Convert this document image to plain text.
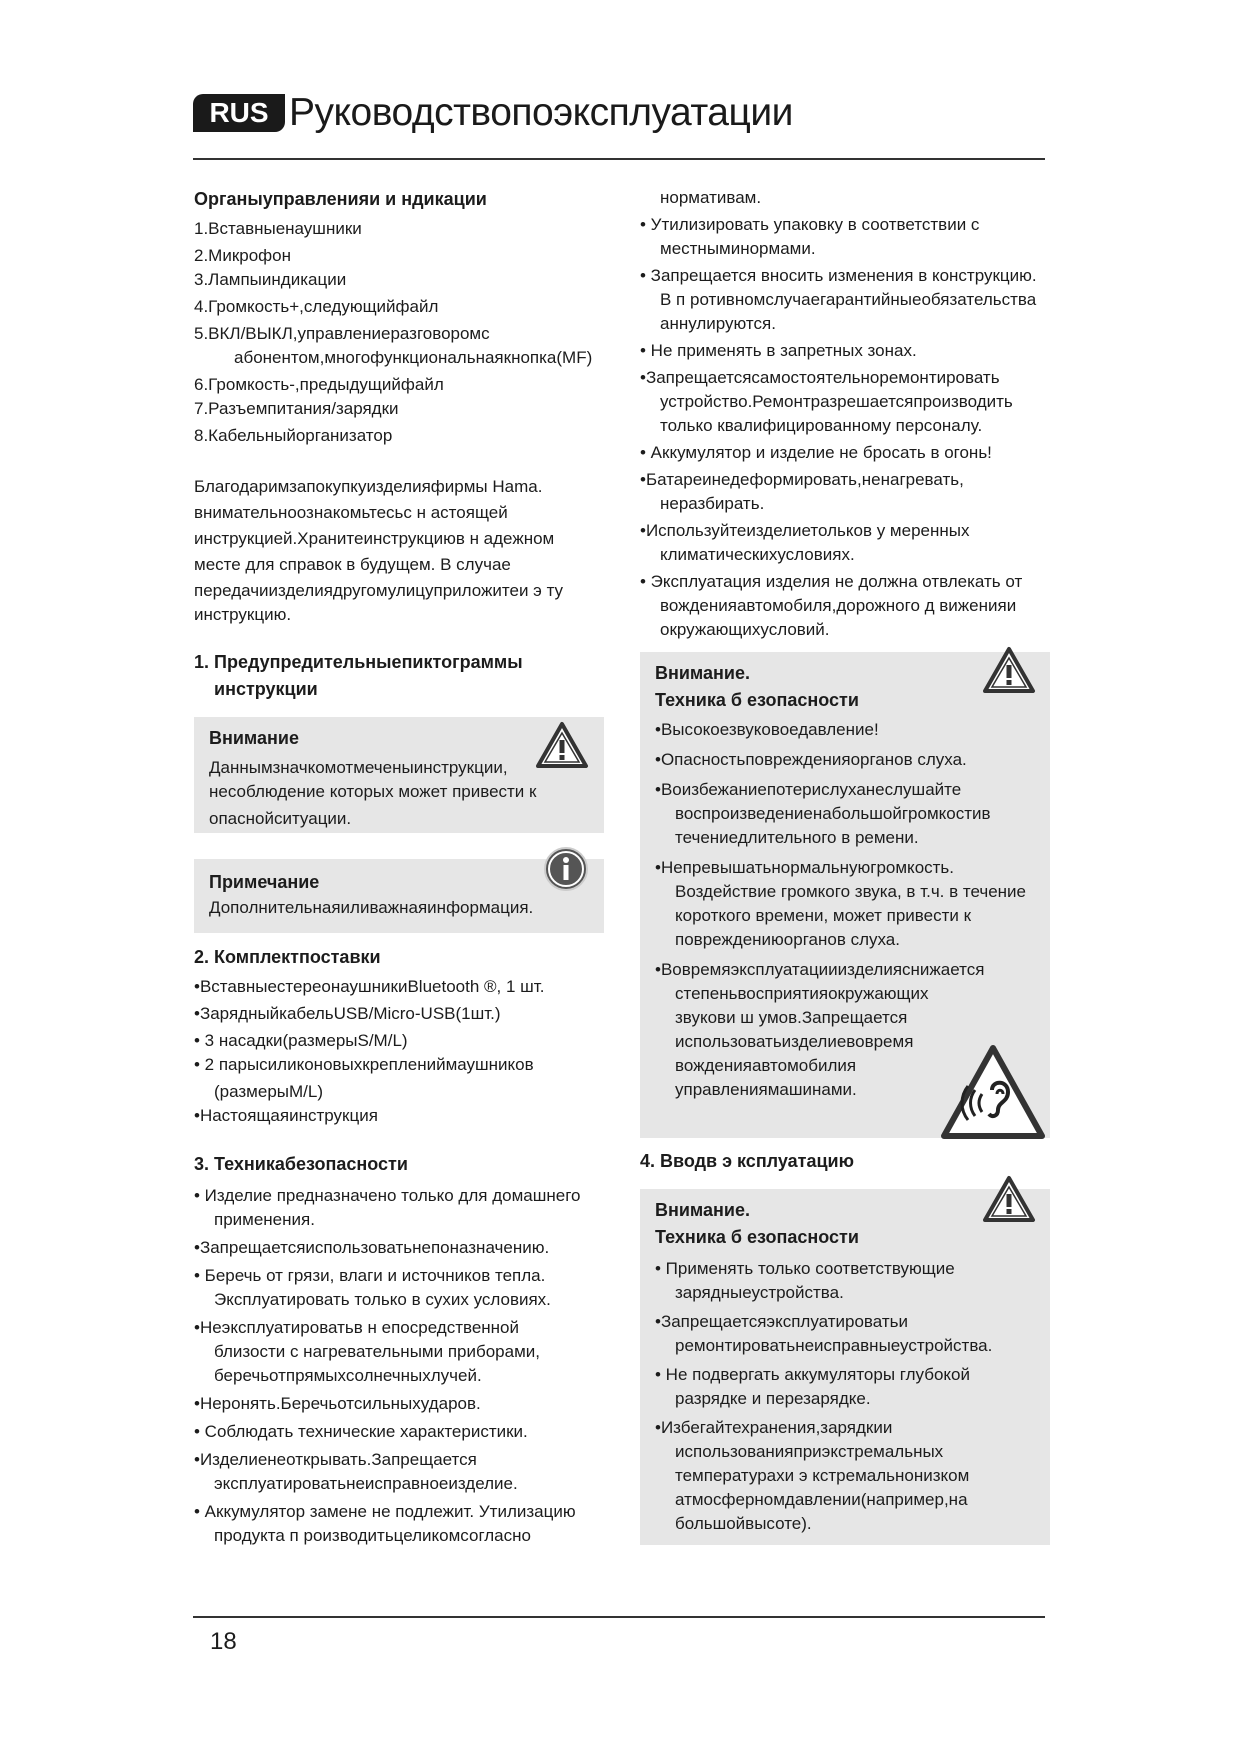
RUS Руководствопоэксплуатации
Органыуправленияи и ндикации
1.Вставныенаушники
2.Микрофон
3.Лампыиндикации
4.Громкость+,следующийфайл
5.ВКЛ/ВЫКЛ,управлениеразговоромс
абонентом,многофункциональнаякнопка(MF)
6.Громкость-,предыдущийфайл
7.Разъемпитания/зарядки
8.Кабельныйорганизатор
Благодаримзапокупкуизделияфирмы Hama.
внимательноознакомьтесьс н астоящей
инструкцией.Хранитеинструкциюв н адежном
месте для справок в будущем. В случае
передачиизделиядругомулицуприложитеи э ту
инструкцию.
1. Предупредительныепиктограммы
инструкции
Внимание
Даннымзначкомотмеченыинструкции,
несоблюдение которых может привести к
опаснойситуации.
Примечание
Дополнительнаяиливажнаяинформация.
2. Комплектпоставки
•ВставныестереонаушникиBluetooth ®, 1 шт.
•ЗарядныйкабельUSB/Micro-USB(1шт.)
• 3 насадки(размерыS/M/L)
• 2 парысиликоновыхкреплениймаушников
(размерыM/L)
•Настоящаяинструкция
3. Техникабезопасности
• Изделие предназначено только для домашнего
применения.
•Запрещаетсяиспользоватьнепоназначению.
• Беречь от грязи, влаги и источников тепла.
Эксплуатировать только в сухих условиях.
•Неэксплуатироватьв н епосредственной
близости с нагревательными приборами,
беречьотпрямыхсолнечныхлучей.
•Неронять.Беречьотсильныхударов.
• Соблюдать технические характеристики.
•Изделиенеоткрывать.Запрещается
эксплуатироватьнеисправноеизделие.
• Аккумулятор замене не подлежит. Утилизацию
продукта п роизводитьцеликомсогласно
нормативам.
• Утилизировать упаковку в соответствии с
местныминормами.
• Запрещается вносить изменения в конструкцию.
В п ротивномслучаегарантийныеобязательства
аннулируются.
• Не применять в запретных зонах.
•Запрещаетсясамостоятельноремонтировать
устройство.Ремонтразрешаетсяпроизводить
только квалифицированному персоналу.
• Аккумулятор и изделие не бросать в огонь!
•Батареинедеформировать,ненагревать,
неразбирать.
•Используйтеизделиетольков у меренных
климатическихусловиях.
• Эксплуатация изделия не должна отвлекать от
вожденияавтомобиля,дорожного д виженияи
окружающихусловий.
Внимание.
Техника б езопасности
•Высокоезвуковоедавление!
•Опасностьповрежденияорганов слуха.
•Воизбежаниепотерислуханеслушайте
воспроизведениенабольшойгромкостив
течениедлительного в ремени.
•Непревышатьнормальнуюгромкость.
Воздействие громкого звука, в т.ч. в течение
короткого времени, может привести к
повреждениюорганов слуха.
•Вовремяэксплуатацииизделияснижается
степеньвосприятияокружающих
звукови ш умов.Запрещается
использоватьизделиевовремя
вожденияавтомобилия
управлениямашинами.
4. Вводв э ксплуатацию
Внимание.
Техника б езопасности
• Применять только соответствующие
зарядныеустройства.
•Запрещаетсяэксплуатироватьи
ремонтироватьнеисправныеустройства.
• Не подвергать аккумуляторы глубокой
разрядке и перезарядке.
•Избегайтехранения,зарядкии
использованияприэкстремальных
температурахи э кстремальнонизком
атмосферномдавлении(например,на
большойвысоте).
18
